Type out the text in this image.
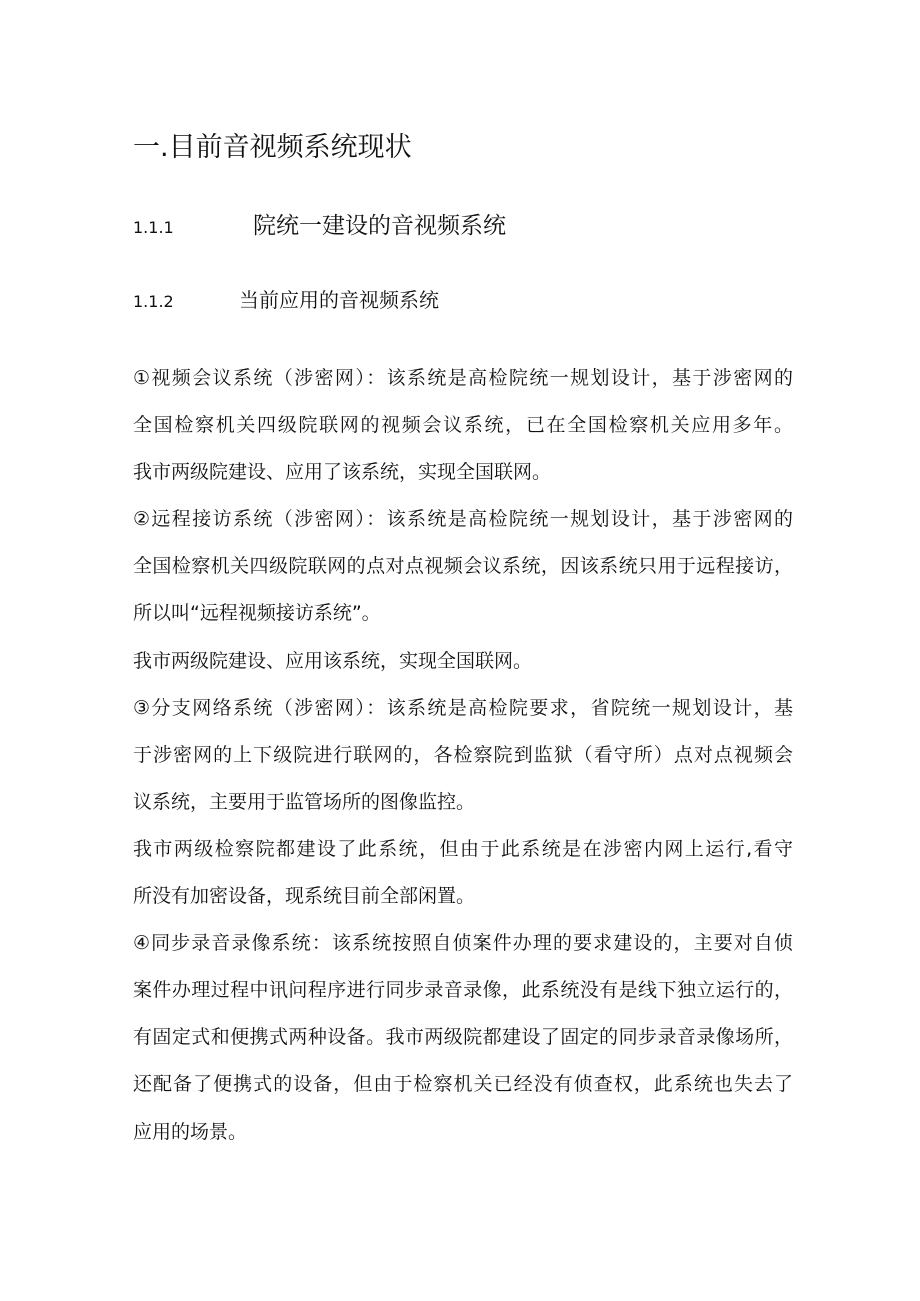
一.目前音视频系统现状
1.1.1	院统一建设的音视频系统
1.1.2	当前应用的音视频系统
①视频会议系统（涉密网）：该系统是高检院统一规划设计，基于涉密网的
全国检察机关四级院联网的视频会议系统，已在全国检察机关应用多年。
我市两级院建设、应用了该系统，实现全国联网。
②远程接访系统（涉密网）：该系统是高检院统一规划设计，基于涉密网的
全国检察机关四级院联网的点对点视频会议系统，因该系统只用于远程接访，
所以叫“远程视频接访系统”。
我市两级院建设、应用该系统，实现全国联网。
③分支网络系统（涉密网）：该系统是高检院要求，省院统一规划设计，基
于涉密网的上下级院进行联网的，各检察院到监狱（看守所）点对点视频会
议系统，主要用于监管场所的图像监控。
我市两级检察院都建设了此系统，但由于此系统是在涉密内网上运行,看守
所没有加密设备，现系统目前全部闲置。
④同步录音录像系统：该系统按照自侦案件办理的要求建设的，主要对自侦
案件办理过程中讯问程序进行同步录音录像，此系统没有是线下独立运行的，
有固定式和便携式两种设备。我市两级院都建设了固定的同步录音录像场所，
还配备了便携式的设备，但由于检察机关已经没有侦查权，此系统也失去了
应用的场景。
